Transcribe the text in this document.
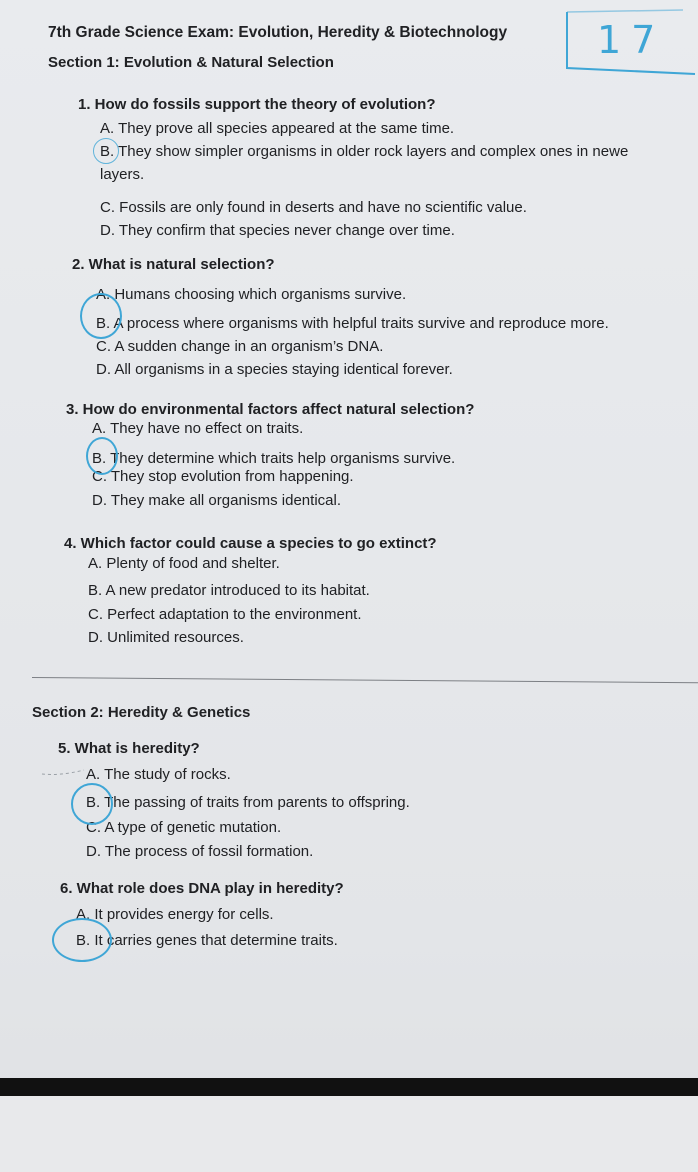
7th Grade Science Exam: Evolution, Heredity & Biotechnology 17
Section 1: Evolution & Natural Selection
1. How do fossils support the theory of evolution?
A. They prove all species appeared at the same time.
B. They show simpler organisms in older rock layers and complex ones in newe
layers.
C. Fossils are only found in deserts and have no scientific value.
D. They confirm that species never change over time.
2. What is natural selection?
A. Humans choosing which organisms survive.
B. A process where organisms with helpful traits survive and reproduce more.
C. A sudden change in an organism’s DNA.
D. All organisms in a species staying identical forever.
3. How do environmental factors affect natural selection?
A. They have no effect on traits.
B. They determine which traits help organisms survive.
C. They stop evolution from happening.
D. They make all organisms identical.
4. Which factor could cause a species to go extinct?
A. Plenty of food and shelter.
B. A new predator introduced to its habitat.
C. Perfect adaptation to the environment.
D. Unlimited resources.
Section 2: Heredity & Genetics
5. What is heredity?
A. The study of rocks.
B. The passing of traits from parents to offspring.
C. A type of genetic mutation.
D. The process of fossil formation.
6. What role does DNA play in heredity?
A. It provides energy for cells.
B. It carries genes that determine traits.
